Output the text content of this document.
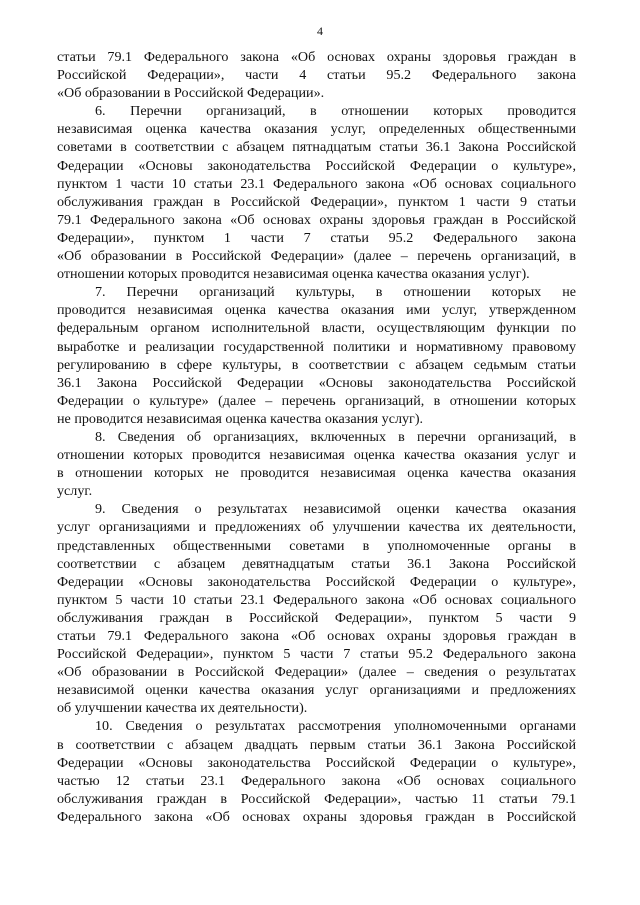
4
статьи 79.1 Федерального закона «Об основах охраны здоровья граждан в
Российской Федерации», части 4 статьи 95.2 Федерального закона
«Об образовании в Российской Федерации».
6. Перечни организаций, в отношении которых проводится
независимая оценка качества оказания услуг, определенных общественными
советами в соответствии с абзацем пятнадцатым статьи 36.1 Закона Российской
Федерации «Основы законодательства Российской Федерации о культуре»,
пунктом 1 части 10 статьи 23.1 Федерального закона «Об основах социального
обслуживания граждан в Российской Федерации», пунктом 1 части 9 статьи
79.1 Федерального закона «Об основах охраны здоровья граждан в Российской
Федерации», пунктом 1 части 7 статьи 95.2 Федерального закона
«Об образовании в Российской Федерации» (далее – перечень организаций, в
отношении которых проводится независимая оценка качества оказания услуг).
7. Перечни организаций культуры, в отношении которых не
проводится независимая оценка качества оказания ими услуг, утвержденном
федеральным органом исполнительной власти, осуществляющим функции по
выработке и реализации государственной политики и нормативному правовому
регулированию в сфере культуры, в соответствии с абзацем седьмым статьи
36.1 Закона Российской Федерации «Основы законодательства Российской
Федерации о культуре» (далее – перечень организаций, в отношении которых
не проводится независимая оценка качества оказания услуг).
8. Сведения об организациях, включенных в перечни организаций, в
отношении которых проводится независимая оценка качества оказания услуг и
в отношении которых не проводится независимая оценка качества оказания
услуг.
9. Сведения о результатах независимой оценки качества оказания
услуг организациями и предложениях об улучшении качества их деятельности,
представленных общественными советами в уполномоченные органы в
соответствии с абзацем девятнадцатым статьи 36.1 Закона Российской
Федерации «Основы законодательства Российской Федерации о культуре»,
пунктом 5 части 10 статьи 23.1 Федерального закона «Об основах социального
обслуживания граждан в Российской Федерации», пунктом 5 части 9
статьи 79.1 Федерального закона «Об основах охраны здоровья граждан в
Российской Федерации», пунктом 5 части 7 статьи 95.2 Федерального закона
«Об образовании в Российской Федерации» (далее – сведения о результатах
независимой оценки качества оказания услуг организациями и предложениях
об улучшении качества их деятельности).
10. Сведения о результатах рассмотрения уполномоченными органами
в соответствии с абзацем двадцать первым статьи 36.1 Закона Российской
Федерации «Основы законодательства Российской Федерации о культуре»,
частью 12 статьи 23.1 Федерального закона «Об основах социального
обслуживания граждан в Российской Федерации», частью 11 статьи 79.1
Федерального закона «Об основах охраны здоровья граждан в Российской
